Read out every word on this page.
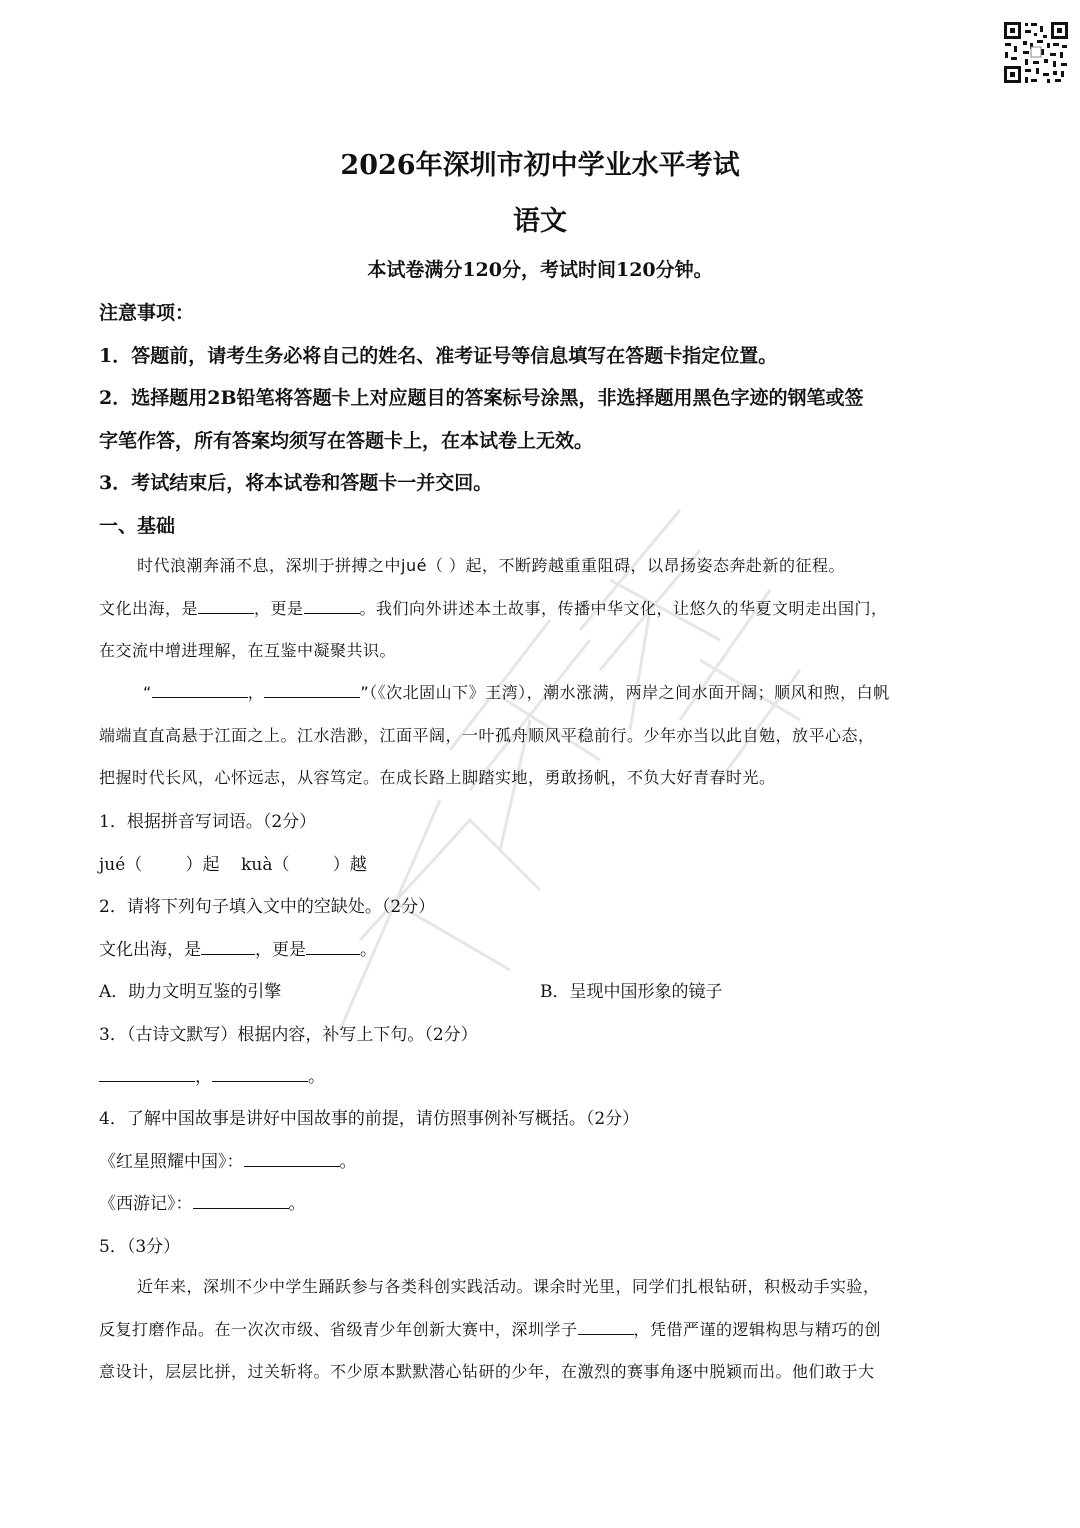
2026年深圳市初中学业水平考试
语文
本试卷满分120分，考试时间120分钟。
注意事项：
1．答题前，请考生务必将自己的姓名、准考证号等信息填写在答题卡指定位置。
2．选择题用2B铅笔将答题卡上对应题目的答案标号涂黑，非选择题用黑色字迹的钢笔或签
字笔作答，所有答案均须写在答题卡上，在本试卷上无效。
3．考试结束后，将本试卷和答题卡一并交回。
一、基础
时代浪潮奔涌不息，深圳于拼搏之中jué（ ）起，不断跨越重重阻碍，以昂扬姿态奔赴新的征程。
文化出海，是	，更是	。我们向外讲述本土故事，传播中华文化，让悠久的华夏文明走出国门，
在交流中增进理解，在互鉴中凝聚共识。
“	，	”（《次北固山下》王湾），潮水涨满，两岸之间水面开阔；顺风和煦，白帆
端端直直高悬于江面之上。江水浩渺，江面平阔，一叶孤舟顺风平稳前行。少年亦当以此自勉，放平心态，
把握时代长风，心怀远志，从容笃定。在成长路上脚踏实地，勇敢扬帆，不负大好青春时光。
1．根据拼音写词语。（2分）
jué（        ）起    kuà（        ）越
2．请将下列句子填入文中的空缺处。（2分）
文化出海，是	，更是	。
A．助力文明互鉴的引擎	B．呈现中国形象的镜子
3．（古诗文默写）根据内容，补写上下句。（2分）
，	。
4．了解中国故事是讲好中国故事的前提，请仿照事例补写概括。（2分）
《红星照耀中国》：	。
《西游记》：	。
5．（3分）
近年来，深圳不少中学生踊跃参与各类科创实践活动。课余时光里，同学们扎根钻研，积极动手实验，
反复打磨作品。在一次次市级、省级青少年创新大赛中，深圳学子	，凭借严谨的逻辑构思与精巧的创
意设计，层层比拼，过关斩将。不少原本默默潜心钻研的少年，在激烈的赛事角逐中脱颖而出。他们敢于大
